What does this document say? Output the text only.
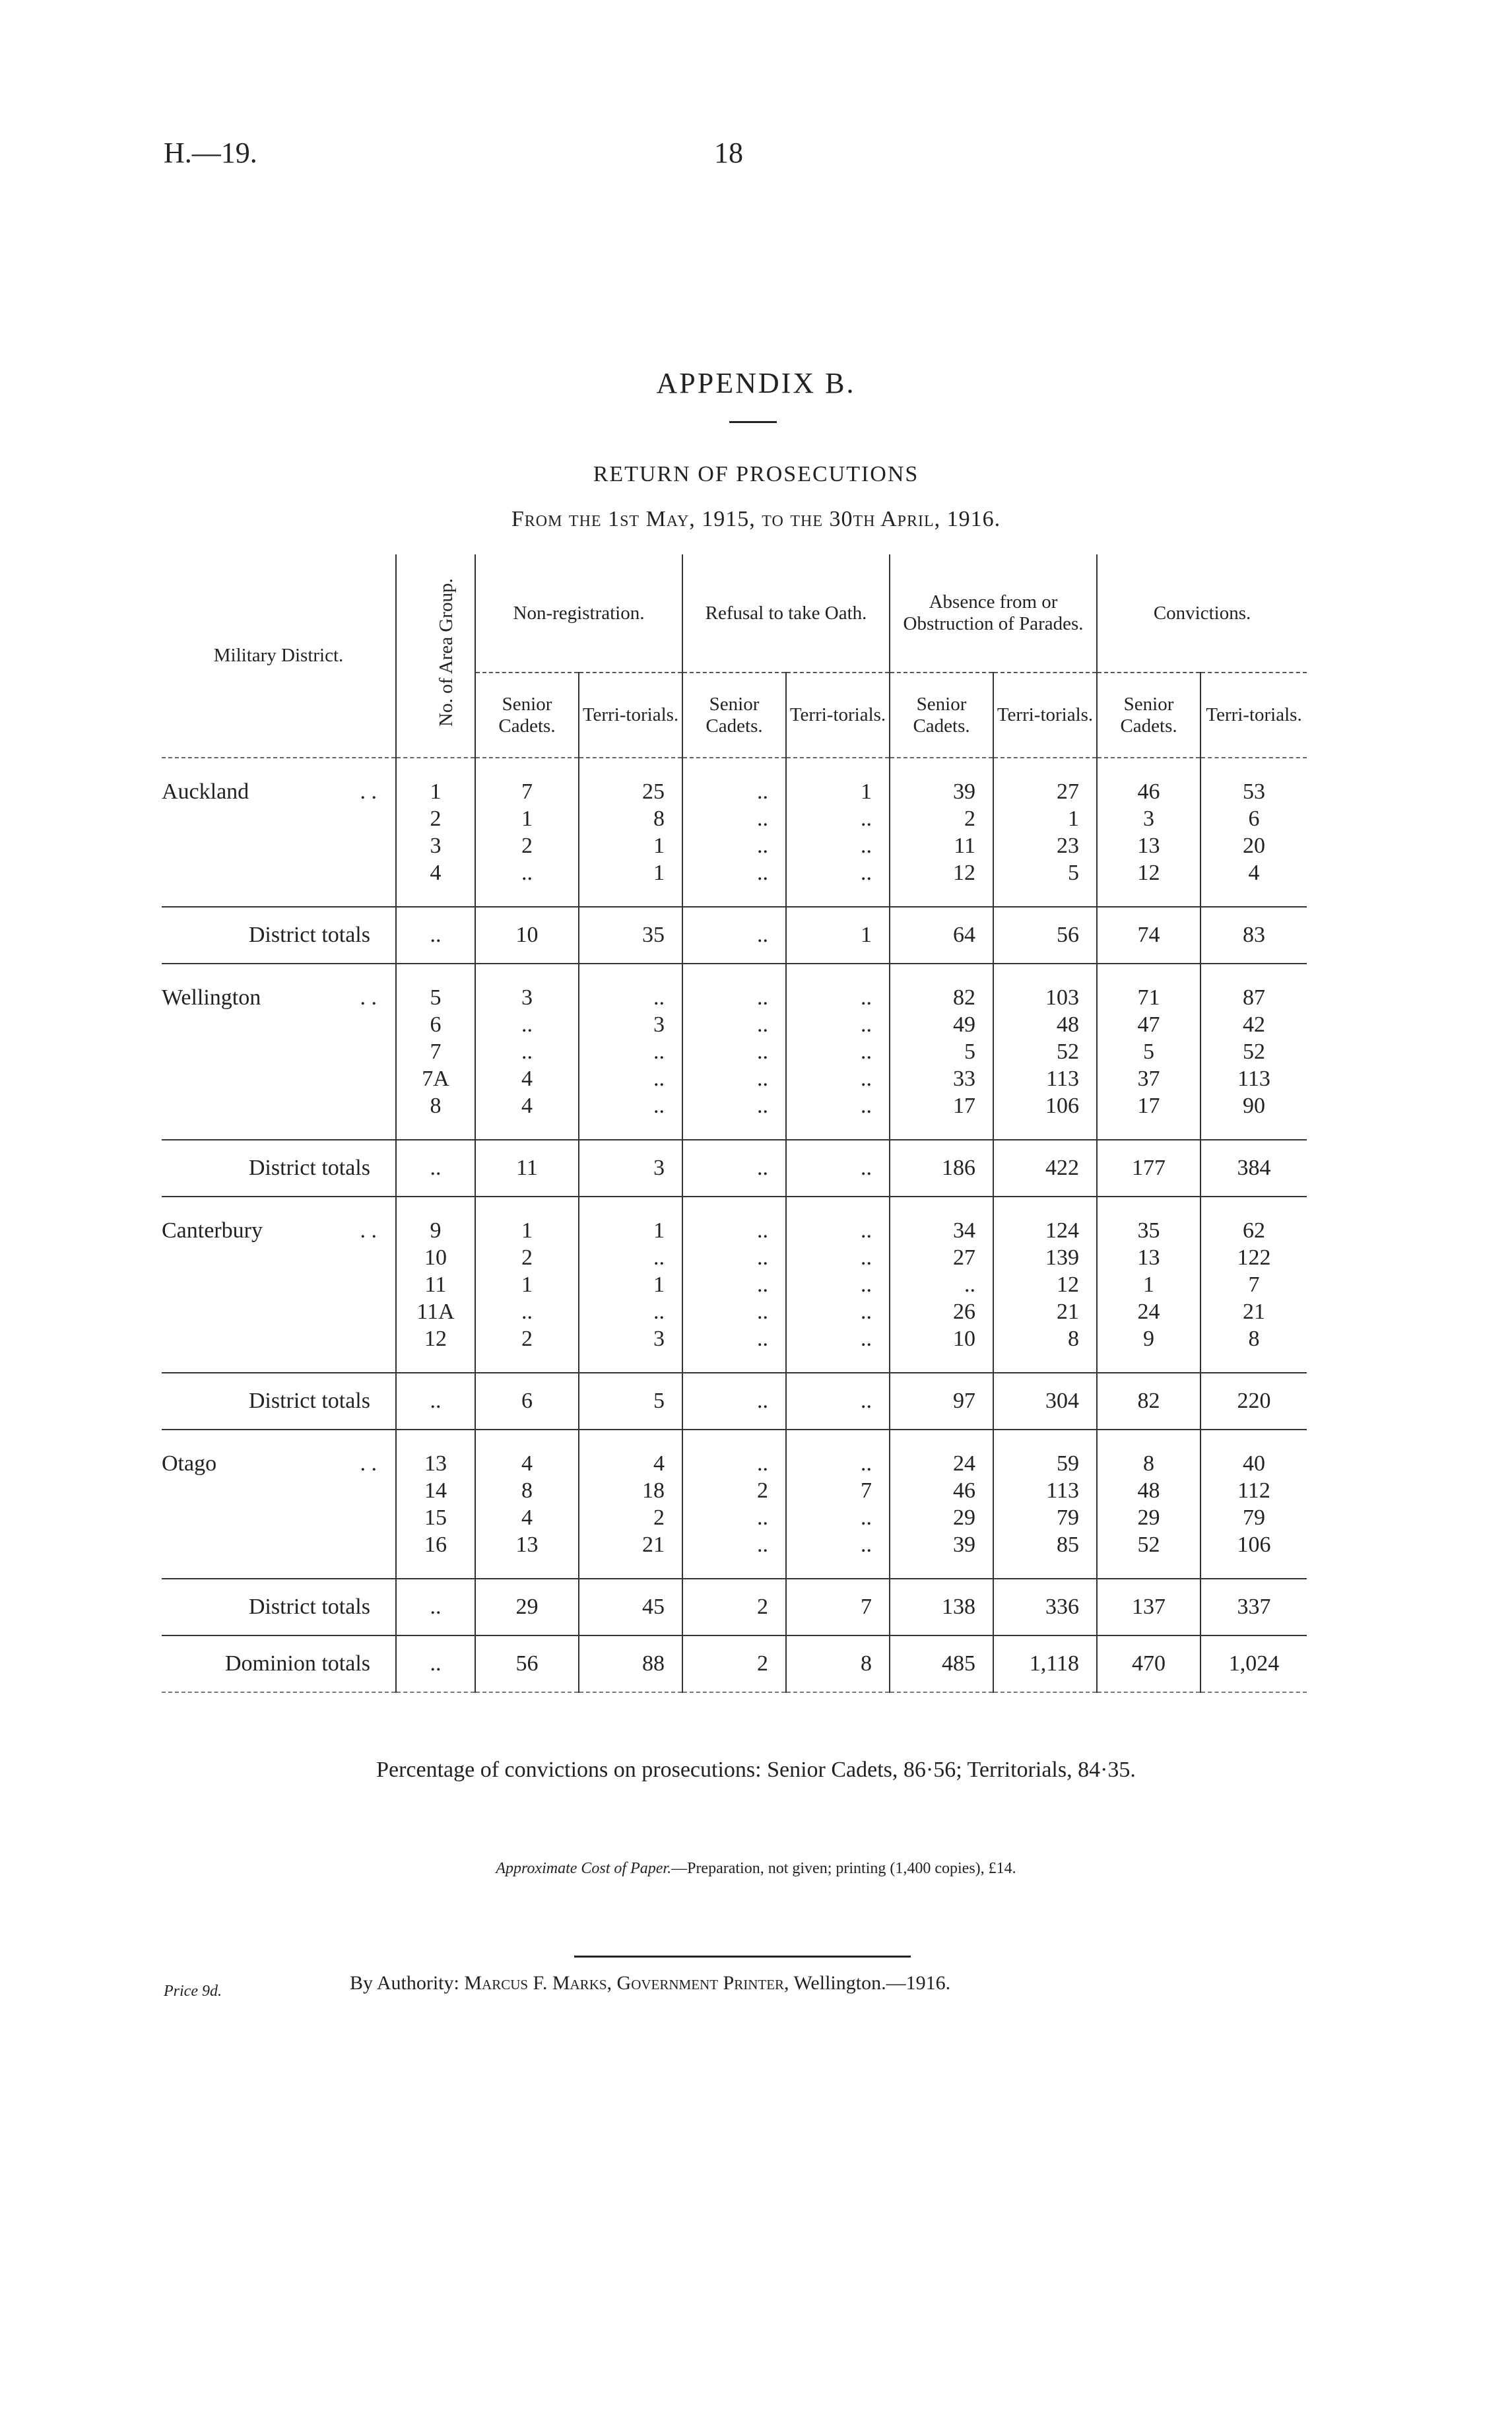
H.—19.	18
APPENDIX B.
RETURN OF PROSECUTIONS
From the 1st May, 1915, to the 30th April, 1916.
Military District.	No. of Area Group.	Non-registration.		Refusal to take Oath.		Absence from or Obstruction of Parades.		Convictions.	
		Senior Cadets.	Terri-torials.	Senior Cadets.	Terri-torials.	Senior Cadets.	Terri-torials.	Senior Cadets.	Terri-torials.

Auckland . .	1	7	25	..	1	39	27	46	53
	2	1	8	..	..	2	1	3	6
	3	2	1	..	..	11	23	13	20
	4	..	1	..	..	12	5	12	4

District totals	..	10	35	..	1	64	56	74	83

Wellington . .	5	3	..	..	..	82	103	71	87
	6	..	3	..	..	49	48	47	42
	7	..	..	..	..	5	52	5	52
	7A	4	..	..	..	33	113	37	113
	8	4	..	..	..	17	106	17	90

District totals	..	11	3	..	..	186	422	177	384

Canterbury . .	9	1	1	..	..	34	124	35	62
	10	2	..	..	..	27	139	13	122
	11	1	1	..	..	..	12	1	7
	11A	..	..	..	..	26	21	24	21
	12	2	3	..	..	10	8	9	8

District totals	..	6	5	..	..	97	304	82	220

Otago . .	13	4	4	..	..	24	59	8	40
	14	8	18	2	7	46	113	48	112
	15	4	2	..	..	29	79	29	79
	16	13	21	..	..	39	85	52	106

District totals	..	29	45	2	7	138	336	137	337
Dominion totals	..	56	88	2	8	485	1,118	470	1,024
Percentage of convictions on prosecutions: Senior Cadets, 86·56; Territorials, 84·35.
Approximate Cost of Paper.—Preparation, not given; printing (1,400 copies), £14.
Price 9d.	By Authority: Marcus F. Marks, Government Printer, Wellington.—1916.
